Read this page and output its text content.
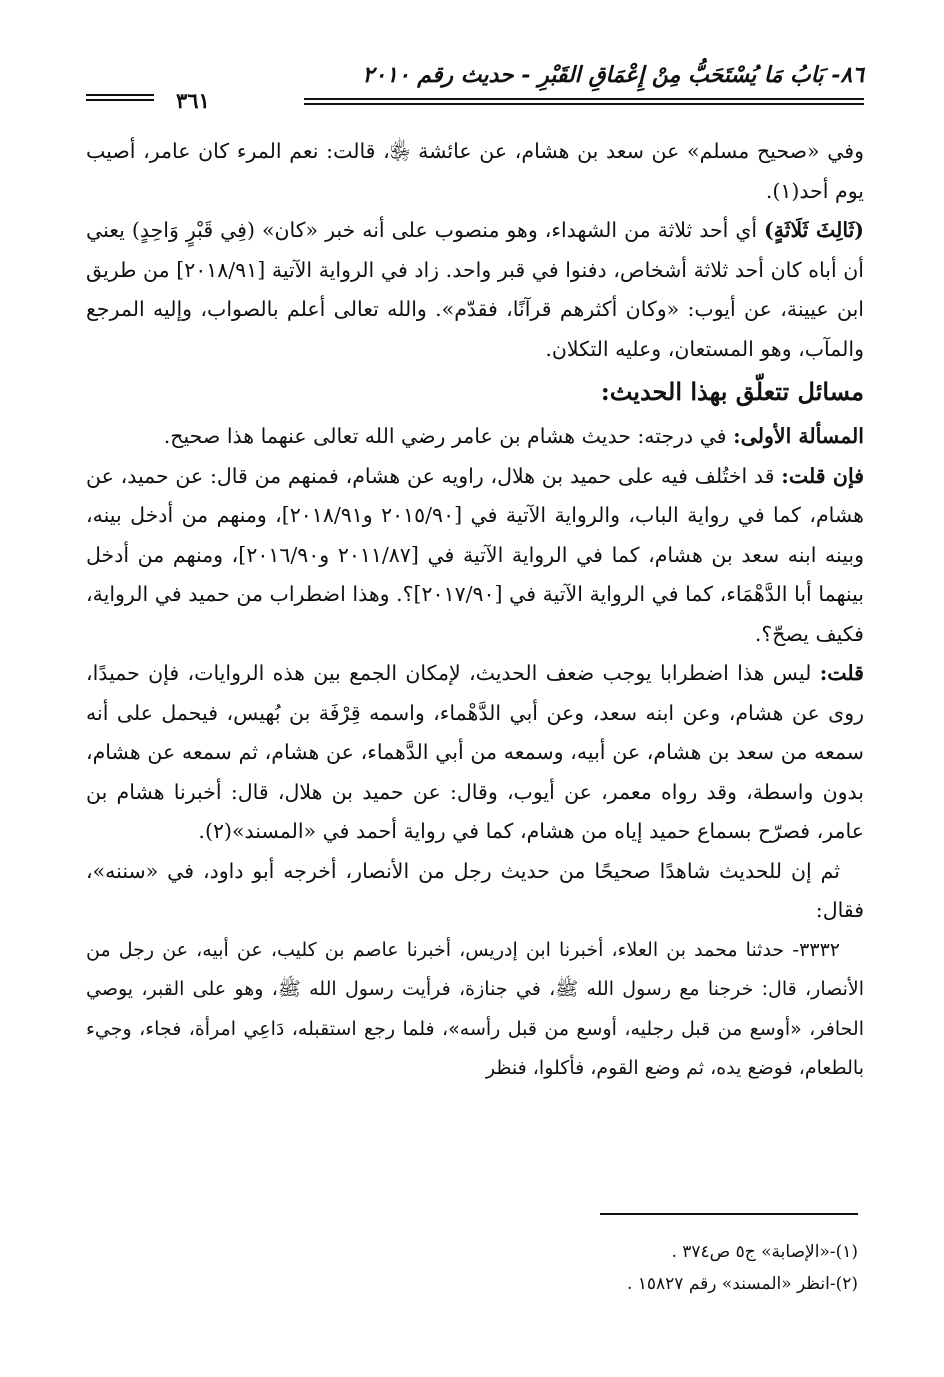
٨٦- بَابُ مَا يُسْتَحَبُّ مِنْ إِعْمَاقِ القَبْرِ - حديث رقم ٢٠١٠
٣٦١

وفي «صحيح مسلم» عن سعد بن هشام، عن عائشة ﵂، قالت: نعم المرء كان عامر، أصيب يوم أحد(١).

(ثَالِثَ ثَلَاثَةٍ) أي أحد ثلاثة من الشهداء، وهو منصوب على أنه خبر «كان» (فِي قَبْرٍ وَاحِدٍ) يعني أن أباه كان أحد ثلاثة أشخاص، دفنوا في قبر واحد. زاد في الرواية الآتية [٢٠١٨/٩١] من طريق ابن عيينة، عن أيوب: «وكان أكثرهم قرآنًا، فقدّم». والله تعالى أعلم بالصواب، وإليه المرجع والمآب، وهو المستعان، وعليه التكلان.

مسائل تتعلّق بهذا الحديث:

المسألة الأولى: في درجته: حديث هشام بن عامر رضي الله تعالى عنهما هذا صحيح.

فإن قلت: قد اختُلف فيه على حميد بن هلال، راويه عن هشام، فمنهم من قال: عن حميد، عن هشام، كما في رواية الباب، والرواية الآتية في [٢٠١٥/٩٠ و٢٠١٨/٩١]، ومنهم من أدخل بينه، وبينه ابنه سعد بن هشام، كما في الرواية الآتية في [٢٠١١/٨٧ و٢٠١٦/٩٠]، ومنهم من أدخل بينهما أبا الدَّهْمَاء، كما في الرواية الآتية في [٢٠١٧/٩٠]؟. وهذا اضطراب من حميد في الرواية، فكيف يصحّ؟.

قلت: ليس هذا اضطرابا يوجب ضعف الحديث، لإمكان الجمع بين هذه الروايات، فإن حميدًا، روى عن هشام، وعن ابنه سعد، وعن أبي الدَّهْماء، واسمه قِرْفَة بن بُهيس، فيحمل على أنه سمعه من سعد بن هشام، عن أبيه، وسمعه من أبي الدَّهماء، عن هشام، ثم سمعه عن هشام، بدون واسطة، وقد رواه معمر، عن أيوب، وقال: عن حميد بن هلال، قال: أخبرنا هشام بن عامر، فصرّح بسماع حميد إياه من هشام، كما في رواية أحمد في «المسند»(٢).

ثم إن للحديث شاهدًا صحيحًا من حديث رجل من الأنصار، أخرجه أبو داود، في «سننه»، فقال:

٣٣٣٢- حدثنا محمد بن العلاء، أخبرنا ابن إدريس، أخبرنا عاصم بن كليب، عن أبيه، عن رجل من الأنصار، قال: خرجنا مع رسول الله ﷺ، في جنازة، فرأيت رسول الله ﷺ، وهو على القبر، يوصي الحافر، «أوسع من قبل رجليه، أوسع من قبل رأسه»، فلما رجع استقبله، دَاعِي امرأة، فجاء، وجيء بالطعام، فوضع يده، ثم وضع القوم، فأكلوا، فنظر

(١)-«الإصابة» ج٥ ص٣٧٤ .

(٢)-انظر «المسند» رقم ١٥٨٢٧ .
